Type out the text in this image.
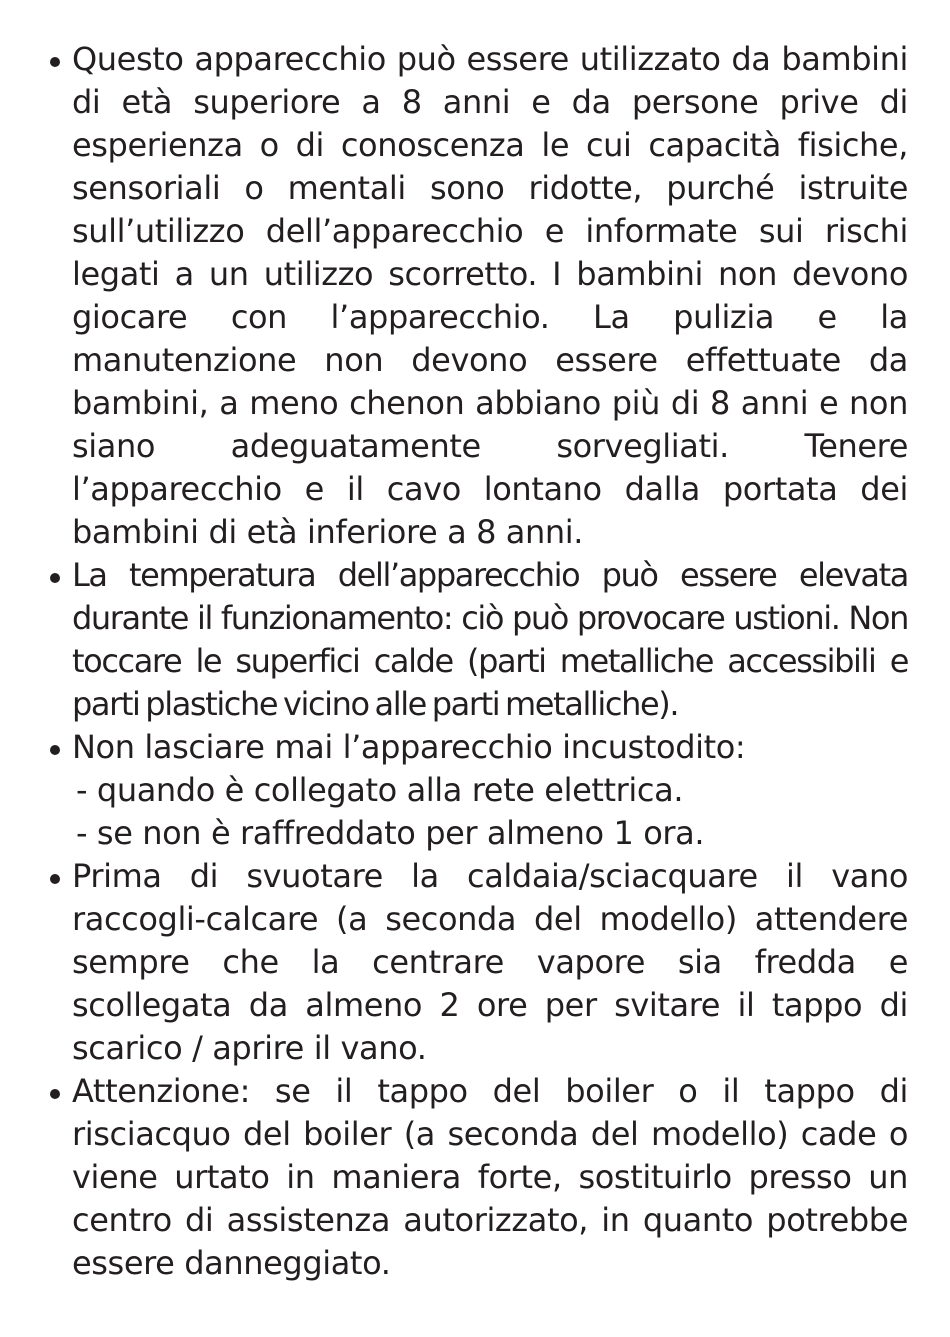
Questo apparecchio può essere utilizzato da bambini di età superiore a 8 anni e da persone prive di esperienza o di conoscenza le cui capacità fisiche, sensoriali o mentali sono ridotte, purché istruite sull’utilizzo dell’apparecchio e informate sui rischi legati a un utilizzo scorretto. I bambini non devono giocare con l’apparecchio. La pulizia e la manutenzione non devono essere effettuate da bambini, a meno chenon abbiano più di 8 anni e non siano adeguatamente sorvegliati. Tenere l’apparecchio e il cavo lontano dalla portata dei bambini di età inferiore a 8 anni.

La temperatura dell’apparecchio può essere elevata durante il funzionamento: ciò può provocare ustioni. Non toccare le superfici calde (parti metalliche accessibili e parti plastiche vicino alle parti metalliche).

Non lasciare mai l’apparecchio incustodito:

- quando è collegato alla rete elettrica.

- se non è raffreddato per almeno 1 ora.

Prima di svuotare la caldaia/sciacquare il vano raccogli-calcare (a seconda del modello) attendere sempre che la centrare vapore sia fredda e scollegata da almeno 2 ore per svitare il tappo di scarico / aprire il vano.

Attenzione: se il tappo del boiler o il tappo di risciacquo del boiler (a seconda del modello) cade o viene urtato in maniera forte, sostituirlo presso un centro di assistenza autorizzato, in quanto potrebbe essere danneggiato.
